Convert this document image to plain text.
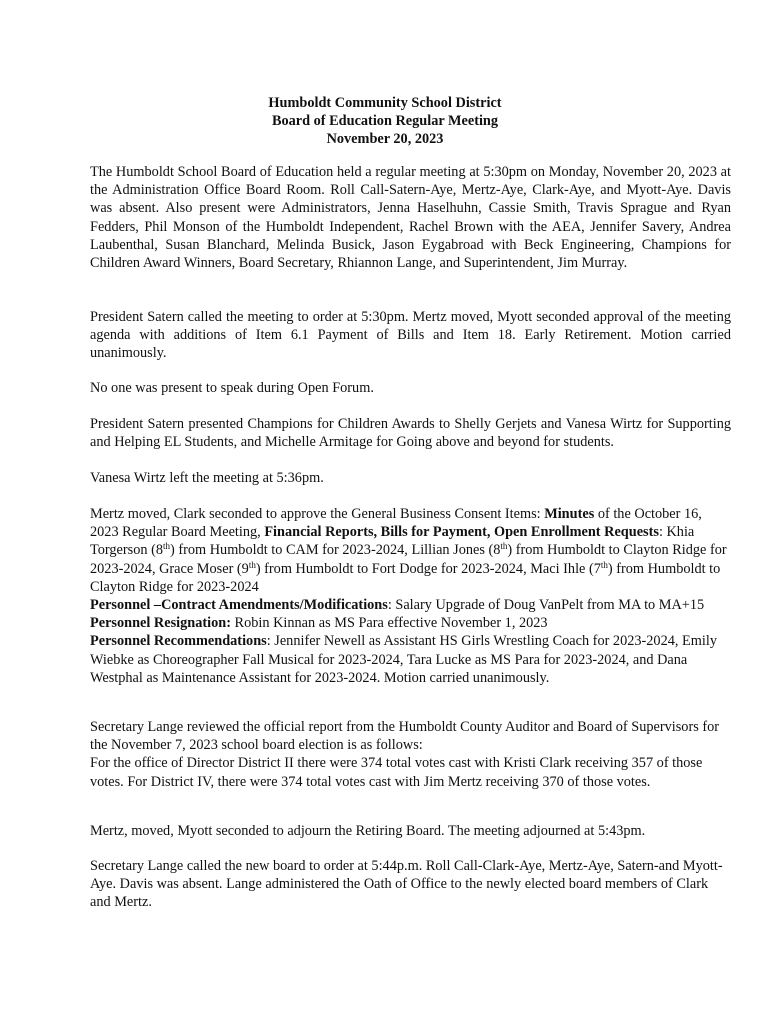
Humboldt Community School District
Board of Education Regular Meeting
November 20, 2023

The Humboldt School Board of Education held a regular meeting at 5:30pm on Monday, November 20, 2023 at the Administration Office Board Room. Roll Call-Satern-Aye, Mertz-Aye, Clark-Aye, and Myott-Aye. Davis was absent. Also present were Administrators, Jenna Haselhuhn, Cassie Smith, Travis Sprague and Ryan Fedders, Phil Monson of the Humboldt Independent, Rachel Brown with the AEA, Jennifer Savery, Andrea Laubenthal, Susan Blanchard, Melinda Busick, Jason Eygabroad with Beck Engineering, Champions for Children Award Winners, Board Secretary, Rhiannon Lange, and Superintendent, Jim Murray.

President Satern called the meeting to order at 5:30pm. Mertz moved, Myott seconded approval of the meeting agenda with additions of Item 6.1 Payment of Bills and Item 18. Early Retirement. Motion carried unanimously.

No one was present to speak during Open Forum.

President Satern presented Champions for Children Awards to Shelly Gerjets and Vanesa Wirtz for Supporting and Helping EL Students, and Michelle Armitage for Going above and beyond for students.

Vanesa Wirtz left the meeting at 5:36pm.

Mertz moved, Clark seconded to approve the General Business Consent Items: Minutes of the October 16, 2023 Regular Board Meeting, Financial Reports, Bills for Payment, Open Enrollment Requests: Khia Torgerson (8th) from Humboldt to CAM for 2023-2024, Lillian Jones (8th) from Humboldt to Clayton Ridge for 2023-2024, Grace Moser (9th) from Humboldt to Fort Dodge for 2023-2024, Maci Ihle (7th) from Humboldt to Clayton Ridge for 2023-2024
Personnel –Contract Amendments/Modifications: Salary Upgrade of Doug VanPelt from MA to MA+15
Personnel Resignation: Robin Kinnan as MS Para effective November 1, 2023
Personnel Recommendations: Jennifer Newell as Assistant HS Girls Wrestling Coach for 2023-2024, Emily Wiebke as Choreographer Fall Musical for 2023-2024, Tara Lucke as MS Para for 2023-2024, and Dana Westphal as Maintenance Assistant for 2023-2024. Motion carried unanimously.

Secretary Lange reviewed the official report from the Humboldt County Auditor and Board of Supervisors for the November 7, 2023 school board election is as follows:
For the office of Director District II there were 374 total votes cast with Kristi Clark receiving 357 of those votes. For District IV, there were 374 total votes cast with Jim Mertz receiving 370 of those votes.

Mertz, moved, Myott seconded to adjourn the Retiring Board. The meeting adjourned at 5:43pm.

Secretary Lange called the new board to order at 5:44p.m. Roll Call-Clark-Aye, Mertz-Aye, Satern-and Myott-Aye. Davis was absent. Lange administered the Oath of Office to the newly elected board members of Clark and Mertz.
